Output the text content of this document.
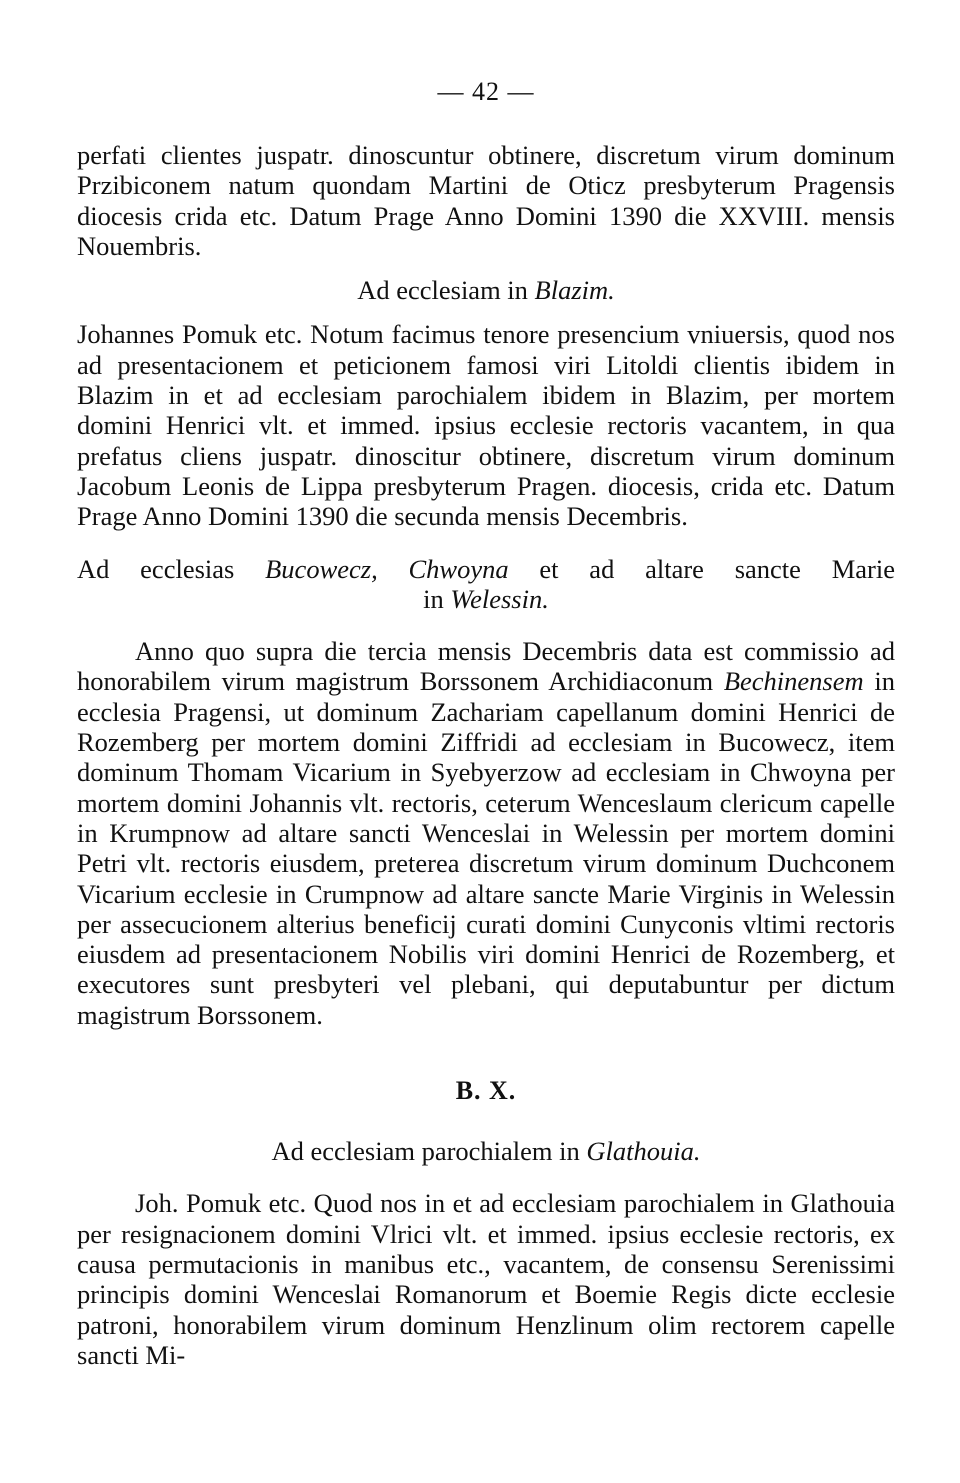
— 42 —

perfati clientes juspatr. dinoscuntur obtinere, discretum virum dominum Przibiconem natum quondam Martini de Oticz presbyterum Pragensis diocesis crida etc. Datum Prage Anno Domini 1390 die XXVIII. mensis Nouembris.

Ad ecclesiam in Blazim.

Johannes Pomuk etc. Notum facimus tenore presencium vniuersis, quod nos ad presentacionem et peticionem famosi viri Litoldi clientis ibidem in Blazim in et ad ecclesiam parochialem ibidem in Blazim, per mortem domini Henrici vlt. et immed. ipsius ecclesie rectoris vacantem, in qua prefatus cliens juspatr. dinoscitur obtinere, discretum virum dominum Jacobum Leonis de Lippa presbyterum Pragen. diocesis, crida etc. Datum Prage Anno Domini 1390 die secunda mensis Decembris.

Ad ecclesias Bucowecz, Chwoyna et ad altare sancte Marie

in Welessin.

Anno quo supra die tercia mensis Decembris data est commissio ad honorabilem virum magistrum Borssonem Archidiaconum Bechinensem in ecclesia Pragensi, ut dominum Zachariam capellanum domini Henrici de Rozemberg per mortem domini Ziffridi ad ecclesiam in Bucowecz, item dominum Thomam Vicarium in Syebyerzow ad ecclesiam in Chwoyna per mortem domini Johannis vlt. rectoris, ceterum Wenceslaum clericum capelle in Krumpnow ad altare sancti Wenceslai in Welessin per mortem domini Petri vlt. rectoris eiusdem, preterea discretum virum dominum Duchconem Vicarium ecclesie in Crumpnow ad altare sancte Marie Virginis in Welessin per assecucionem alterius beneficij curati domini Cunyconis vltimi rectoris eiusdem ad presentacionem Nobilis viri domini Henrici de Rozemberg, et executores sunt presbyteri vel plebani, qui deputabuntur per dictum magistrum Borssonem.

B. X.

Ad ecclesiam parochialem in Glathouia.

Joh. Pomuk etc. Quod nos in et ad ecclesiam parochialem in Glathouia per resignacionem domini Vlrici vlt. et immed. ipsius ecclesie rectoris, ex causa permutacionis in manibus etc., vacantem, de consensu Serenissimi principis domini Wenceslai Romanorum et Boemie Regis dicte ecclesie patroni, honorabilem virum dominum Henzlinum olim rectorem capelle sancti Mi-
